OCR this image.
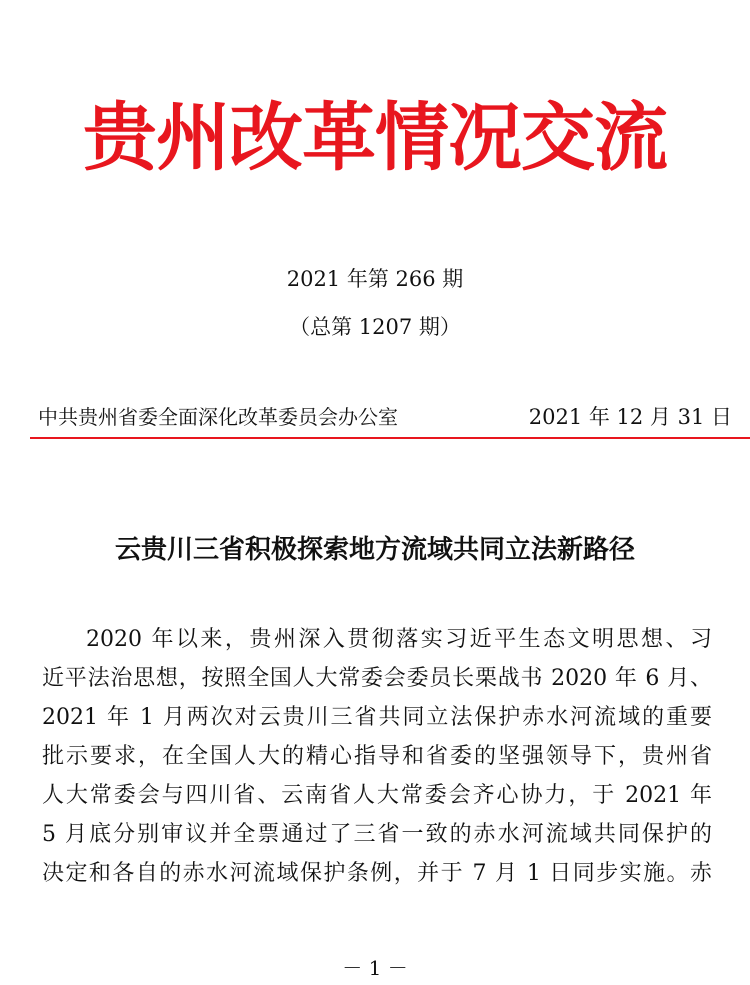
贵州改革情况交流
2021 年第 266 期
（总第 1207 期）
中共贵州省委全面深化改革委员会办公室	2021 年 12 月 31 日
云贵川三省积极探索地方流域共同立法新路径
2020 年以来，贵州深入贯彻落实习近平生态文明思想、习
近平法治思想，按照全国人大常委会委员长栗战书 2020 年 6 月、
2021 年 1 月两次对云贵川三省共同立法保护赤水河流域的重要
批示要求，在全国人大的精心指导和省委的坚强领导下，贵州省
人大常委会与四川省、云南省人大常委会齐心协力，于 2021 年
5 月底分别审议并全票通过了三省一致的赤水河流域共同保护的
决定和各自的赤水河流域保护条例，并于 7 月 1 日同步实施。赤
－ 1 －
